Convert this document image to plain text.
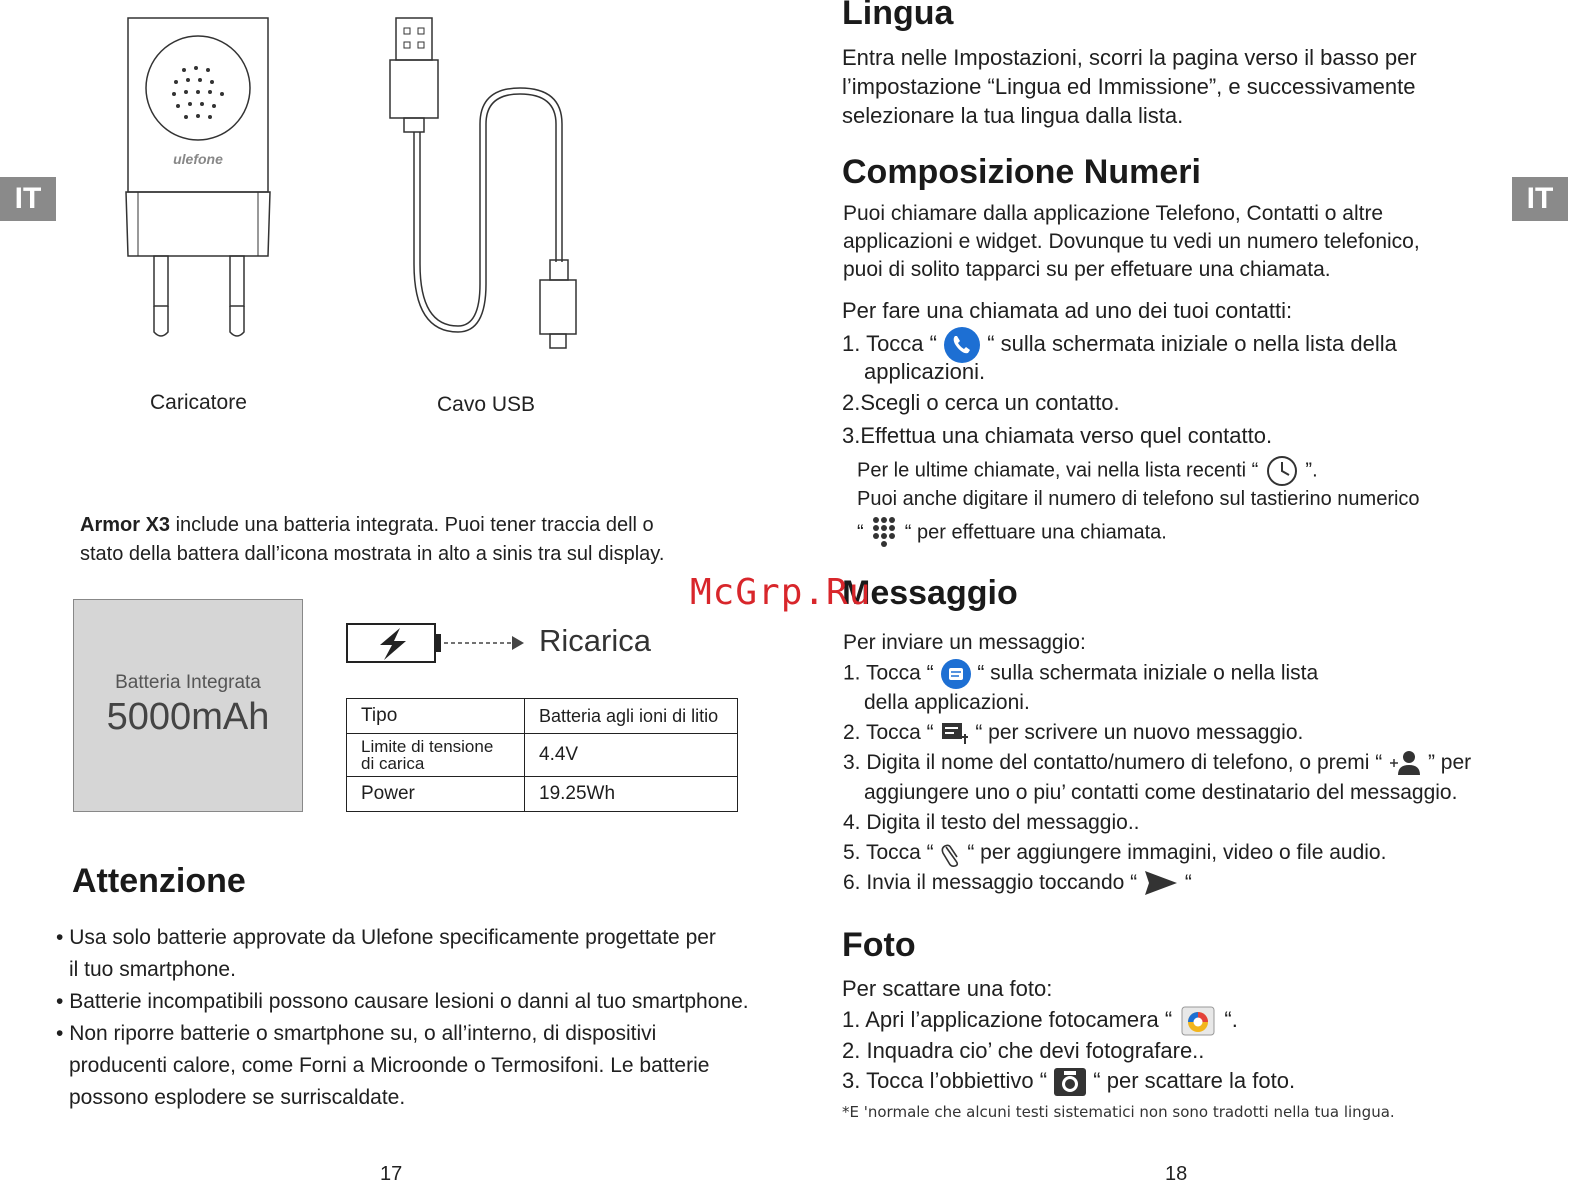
IT	IT
ulefone
Caricatore	Cavo USB
Armor X3 include una batteria integrata. Puoi tener traccia dell o
stato della battera dall’icona mostrata in alto a sinis tra sul display.
Batteria Integrata
5000mAh
Ricarica
Tipo	Batteria agli ioni di litio

Limite di tensione
di carica	4.4V
Power	19.25Wh
Attenzione
• Usa solo batterie approvate da Ulefone specificamente progettate per
il tuo smartphone.
• Batterie incompatibili possono causare lesioni o danni al tuo smartphone.
• Non riporre batterie o smartphone su, o all’interno, di dispositivi
producenti calore, come Forni a Microonde o Termosifoni. Le batterie
possono esplodere se surriscaldate.
Lingua
Entra nelle Impostazioni, scorri la pagina verso il basso per
l’impostazione “Lingua ed Immissione”, e successivamente
selezionare la tua lingua dalla lista.
Composizione Numeri
Puoi chiamare dalla applicazione Telefono, Contatti o altre
applicazioni e widget. Dovunque tu vedi un numero telefonico,
puoi di solito tapparci su per effetuare una chiamata.
Per fare una chiamata ad uno dei tuoi contatti:
1. Tocca “ “ sulla schermata iniziale o nella lista della
applicazioni.
2.Scegli o cerca un contatto.
3.Effettua una chiamata verso quel contatto.
Per le ultime chiamate, vai nella lista recenti “ ”.
Puoi anche digitare il numero di telefono sul tastierino numerico
“ “ per effettuare una chiamata.
Messaggio
McGrp.Ru
Per inviare un messaggio:
1. Tocca “ “ sulla schermata iniziale o nella lista
della applicazioni.
2. Tocca “ “ per scrivere un nuovo messaggio.
3. Digita il nome del contatto/numero di telefono, o premi “ ” per
aggiungere uno o piu’ contatti come destinatario del messaggio.
4. Digita il testo del messaggio..
5. Tocca “ “ per aggiungere immagini, video o file audio.
6. Invia il messaggio toccando “ “
Foto
Per scattare una foto:
1. Apri l’applicazione fotocamera “ “.
2. Inquadra cio’ che devi fotografare..
3. Tocca l’obbiettivo “ “ per scattare la foto.
*E 'normale che alcuni testi sistematici non sono tradotti nella tua lingua.
17	18
